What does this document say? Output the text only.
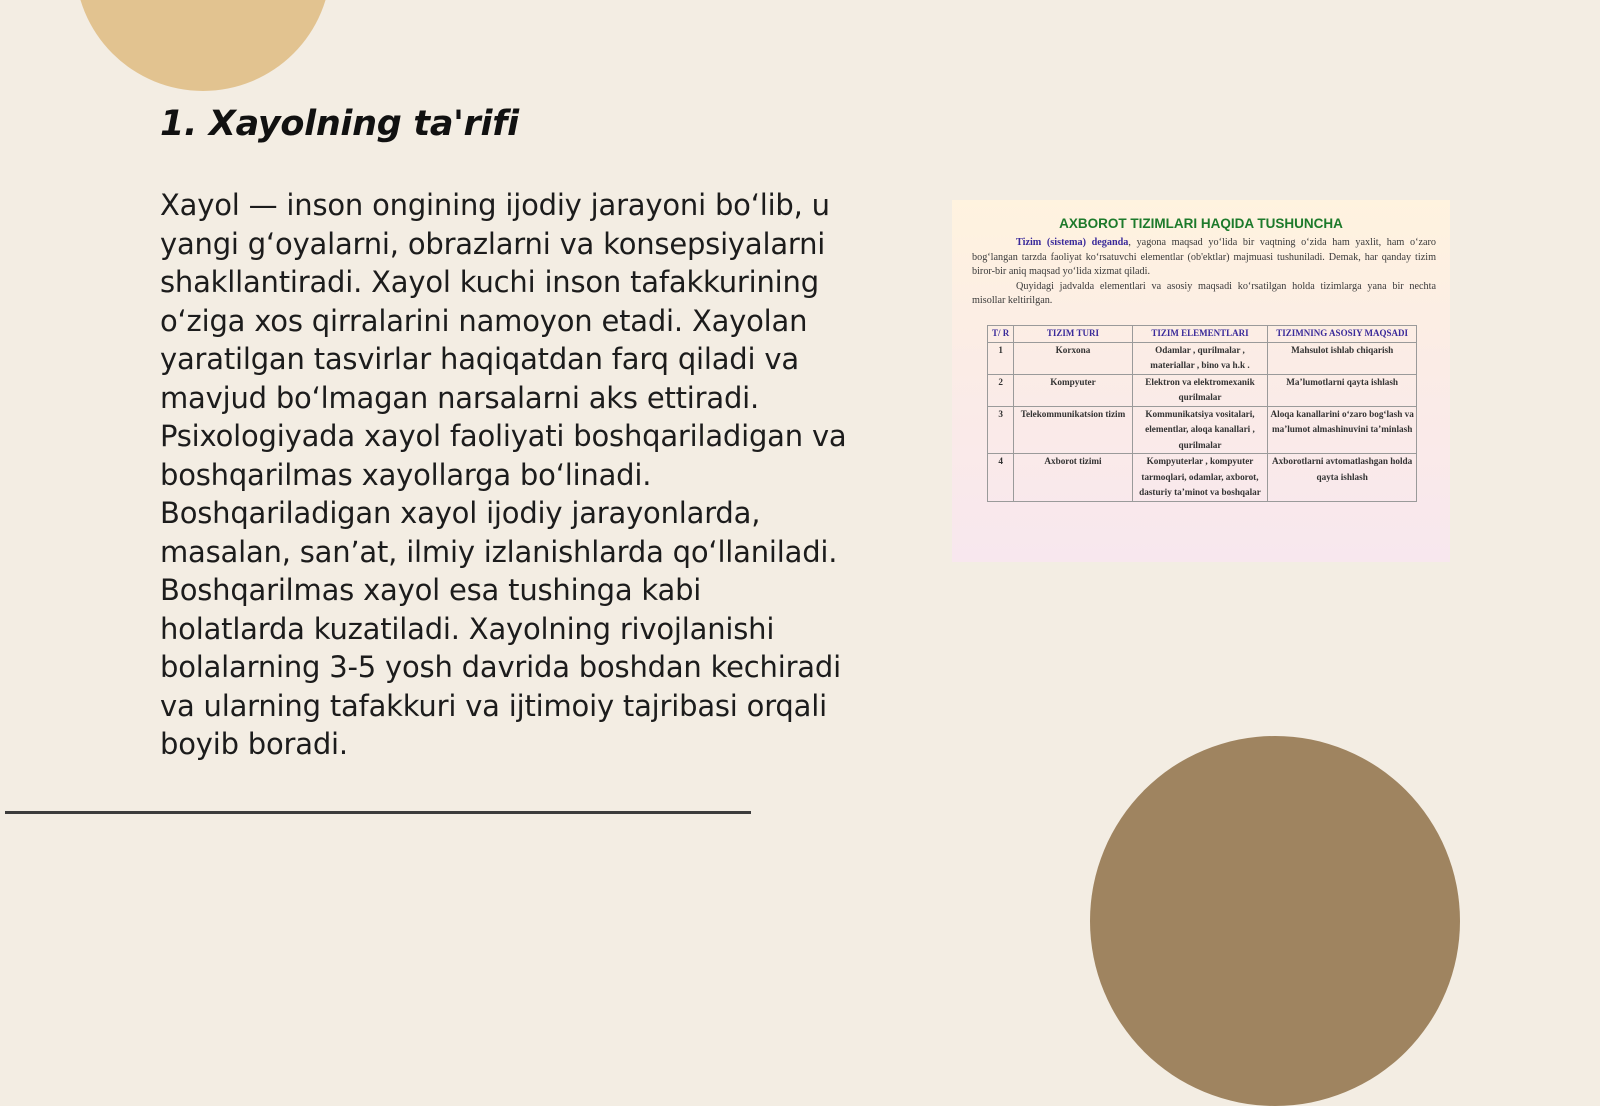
1. Xayolning ta'rifi

Xayol — inson ongining ijodiy jarayoni bo‘lib, u yangi g‘oyalarni, obrazlarni va konsepsiyalarni shakllantiradi. Xayol kuchi inson tafakkurining o‘ziga xos qirralarini namoyon etadi. Xayolan yaratilgan tasvirlar haqiqatdan farq qiladi va mavjud bo‘lmagan narsalarni aks ettiradi. Psixologiyada xayol faoliyati boshqariladigan va boshqarilmas xayollarga bo‘linadi. Boshqariladigan xayol ijodiy jarayonlarda, masalan, san’at, ilmiy izlanishlarda qo‘llaniladi. Boshqarilmas xayol esa tushinga kabi holatlarda kuzatiladi. Xayolning rivojlanishi bolalarning 3-5 yosh davrida boshdan kechiradi va ularning tafakkuri va ijtimoiy tajribasi orqali boyib boradi.

AXBOROT TIZIMLARI HAQIDA TUSHUNCHA
Tizim (sistema) deganda, yagona maqsad yo‘lida bir vaqtning o‘zida ham yaxlit, ham o‘zaro bog‘langan tarzda faoliyat ko‘rsatuvchi elementlar (ob'ektlar) majmuasi tushuniladi. Demak, har qanday tizim biror-bir aniq maqsad yo‘lida xizmat qiladi.
Quyidagi jadvalda elementlari va asosiy maqsadi ko‘rsatilgan holda tizimlarga yana bir nechta misollar keltirilgan.
T/ R	TIZIM TURI	TIZIM ELEMENTLARI	TIZIMNING ASOSIY MAQSADI
1	Korxona	Odamlar , qurilmalar , materiallar , bino va h.k .	Mahsulot ishlab chiqarish
2	Kompyuter	Elektron va elektromexanik qurilmalar	Ma’lumotlarni qayta ishlash
3	Telekommunikatsion tizim	Kommunikatsiya vositalari, elementlar, aloqa kanallari , qurilmalar	Aloqa kanallarini o‘zaro bog‘lash va ma’lumot almashinuvini ta’minlash
4	Axborot tizimi	Kompyuterlar , kompyuter tarmoqlari, odamlar, axborot, dasturiy ta’minot va boshqalar	Axborotlarni avtomatlashgan holda qayta ishlash
